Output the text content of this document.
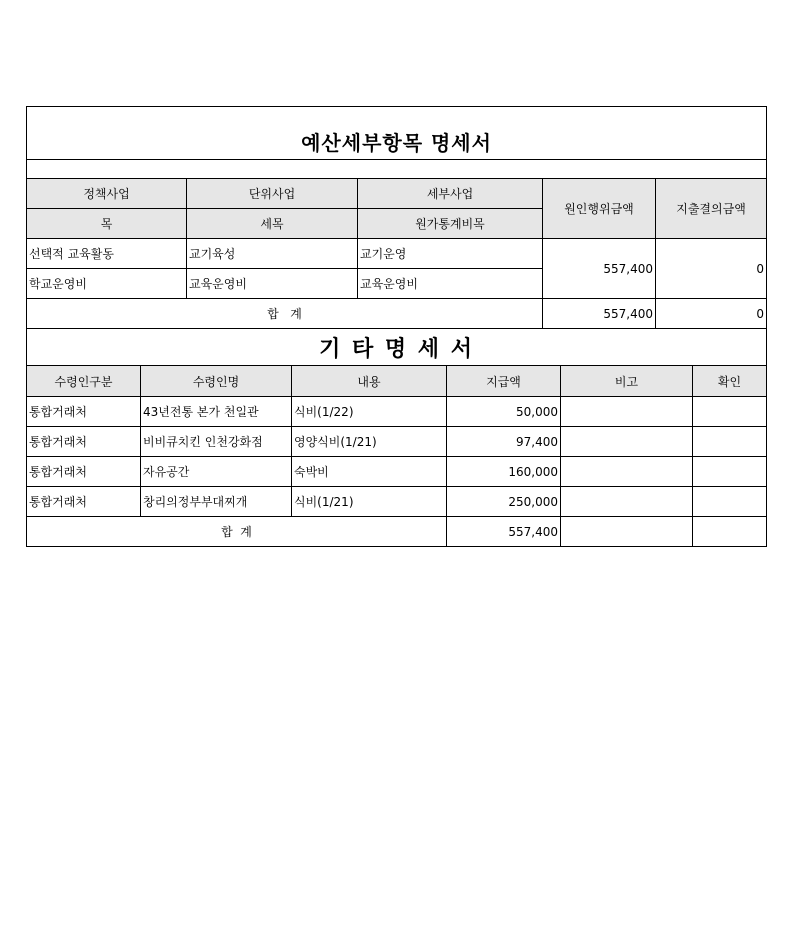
예산세부항목 명세서				

정책사업	단위사업	세부사업	원인행위금액	지출결의금액
목	세목	원가통계비목		
선택적 교육활동	교기육성	교기운영	557,400	0
학교운영비	교육운영비	교육운영비		
합   계			557,400	0
기 타 명 세 서				
수령인구분	수령인명	내용	지급액	비고	확인
통합거래처	43년전통 본가 천일관	식비(1/22)	50,000		
통합거래처	비비큐치킨 인천강화점	영양식비(1/21)	97,400		
통합거래처	자유공간	숙박비	160,000		
통합거래처	창리의정부부대찌개	식비(1/21)	250,000		
합  계			557,400		
